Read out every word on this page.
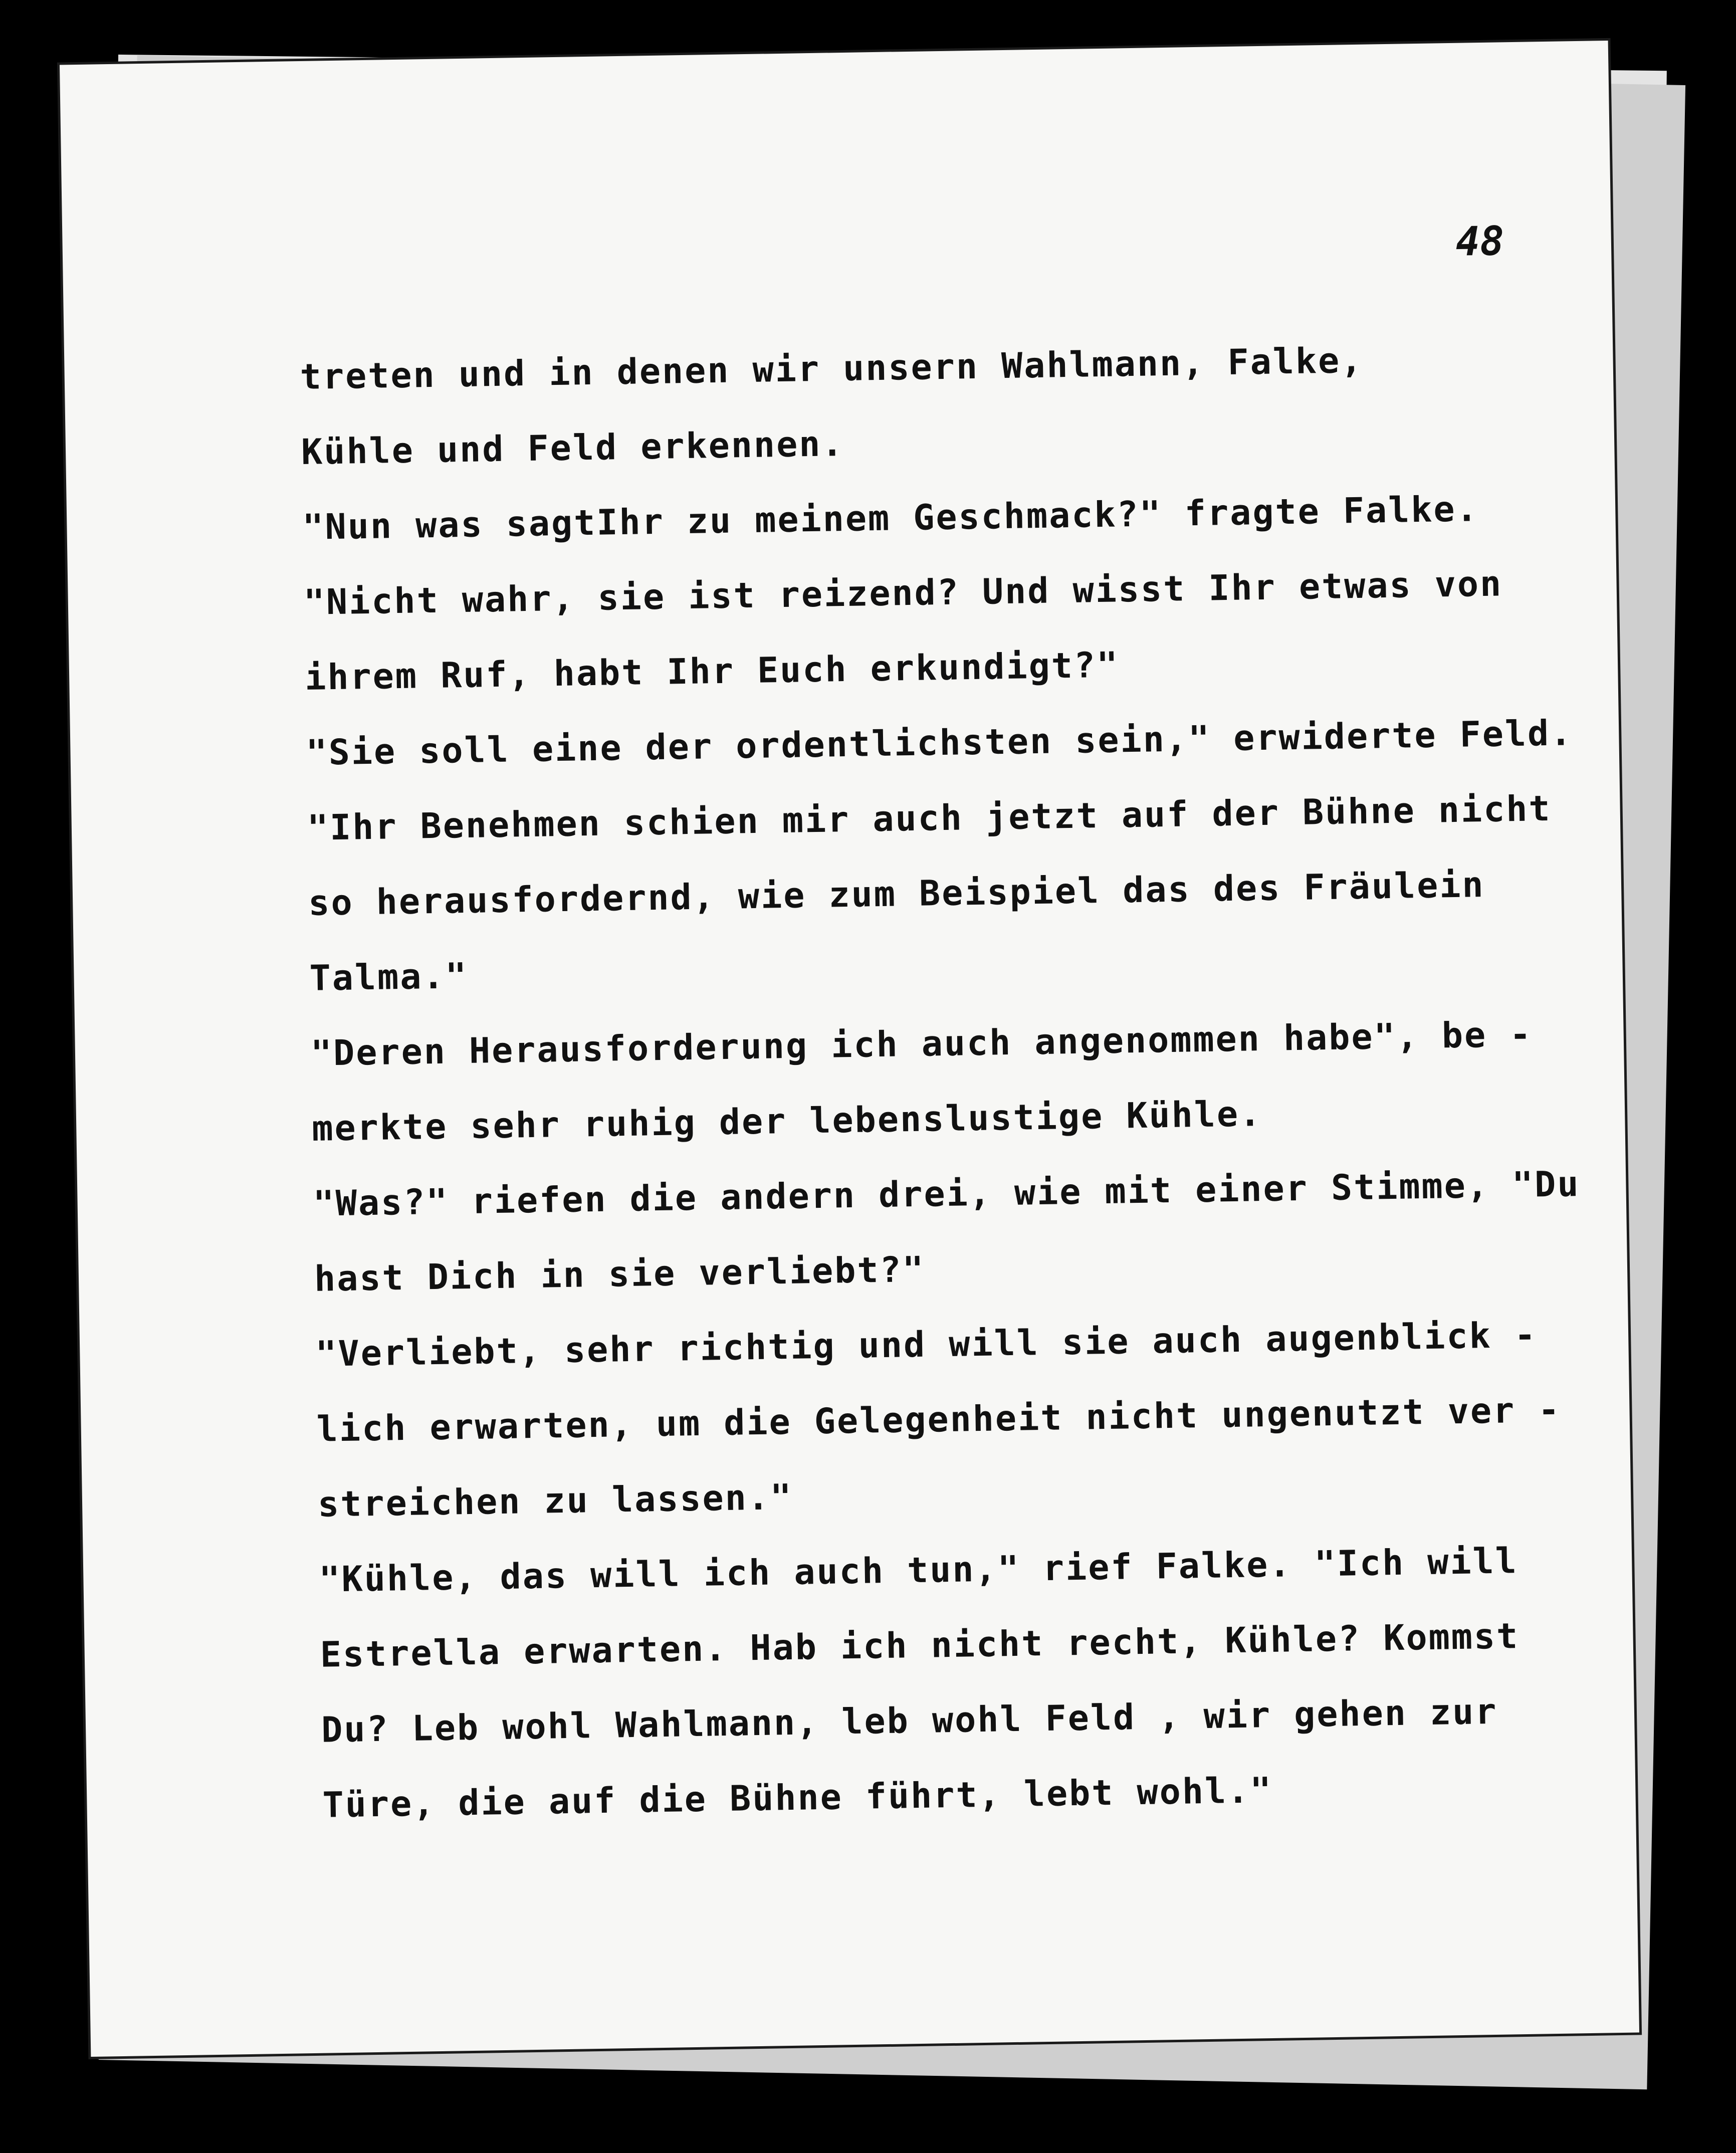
48
treten und in denen wir unsern Wahlmann, Falke,
Kühle und Feld erkennen.
"Nun was sagtIhr zu meinem Geschmack?" fragte Falke.
"Nicht wahr, sie ist reizend? Und wisst Ihr etwas von
ihrem Ruf, habt Ihr Euch erkundigt?"
"Sie soll eine der ordentlichsten sein," erwiderte Feld.
"Ihr Benehmen schien mir auch jetzt auf der Bühne nicht
so herausfordernd, wie zum Beispiel das des Fräulein
Talma."
"Deren Herausforderung ich auch angenommen habe", be -
merkte sehr ruhig der lebenslustige Kühle.
"Was?" riefen die andern drei, wie mit einer Stimme, "Du
hast Dich in sie verliebt?"
"Verliebt, sehr richtig und will sie auch augenblick -
lich erwarten, um die Gelegenheit nicht ungenutzt ver -
streichen zu lassen."
"Kühle, das will ich auch tun," rief Falke. "Ich will
Estrella erwarten. Hab ich nicht recht, Kühle? Kommst
Du? Leb wohl Wahlmann, leb wohl Feld , wir gehen zur
Türe, die auf die Bühne führt, lebt wohl."
